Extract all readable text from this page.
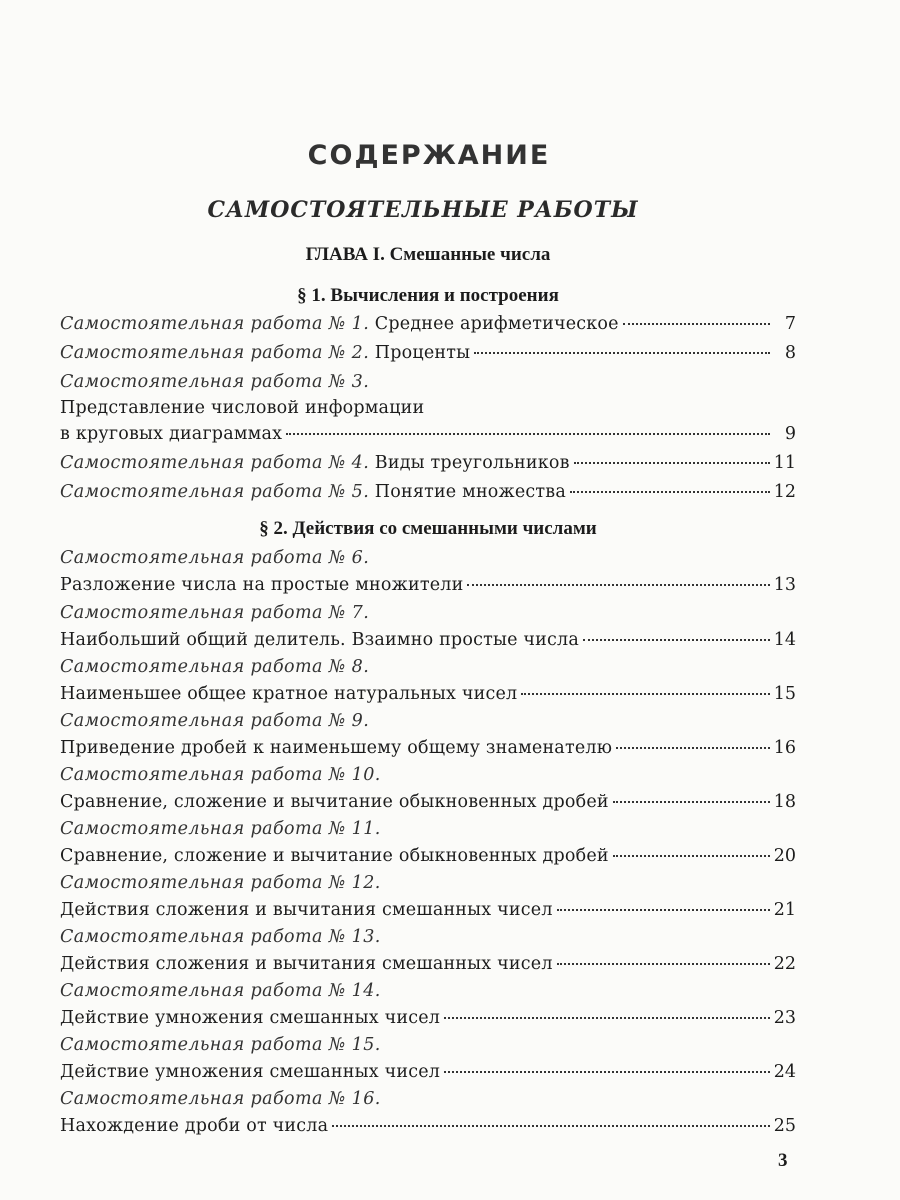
СОДЕРЖАНИЕ
САМОСТОЯТЕЛЬНЫЕ РАБОТЫ
ГЛАВА I. Смешанные числа
§ 1. Вычисления и построения
Самостоятельная работа № 1.
Среднее арифметическое	7
Самостоятельная работа № 2.
Проценты	8
Самостоятельная работа № 3.
Представление числовой информации
в круговых диаграммах	9
Самостоятельная работа № 4.
Виды треугольников	11
Самостоятельная работа № 5.
Понятие множества	12
§ 2. Действия со смешанными числами
Самостоятельная работа № 6.
Разложение числа на простые множители	13
Самостоятельная работа № 7.
Наибольший общий делитель. Взаимно простые числа	14
Самостоятельная работа № 8.
Наименьшее общее кратное натуральных чисел	15
Самостоятельная работа № 9.
Приведение дробей к наименьшему общему знаменателю	16
Самостоятельная работа № 10.
Сравнение, сложение и вычитание обыкновенных дробей	18
Самостоятельная работа № 11.
Сравнение, сложение и вычитание обыкновенных дробей	20
Самостоятельная работа № 12.
Действия сложения и вычитания смешанных чисел	21
Самостоятельная работа № 13.
Действия сложения и вычитания смешанных чисел	22
Самостоятельная работа № 14.
Действие умножения смешанных чисел	23
Самостоятельная работа № 15.
Действие умножения смешанных чисел	24
Самостоятельная работа № 16.
Нахождение дроби от числа	25
3
